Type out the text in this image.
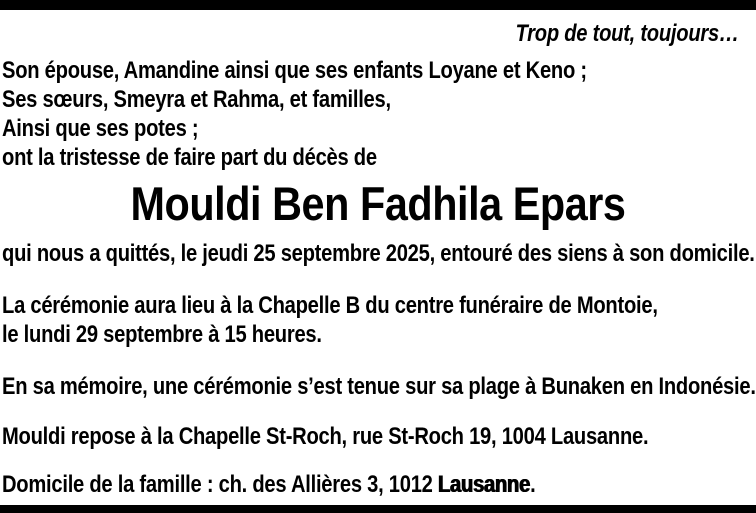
Trop de tout, toujours…
Son épouse, Amandine ainsi que ses enfants Loyane et Keno ;
Ses sœurs, Smeyra et Rahma, et familles,
Ainsi que ses potes ;
ont la tristesse de faire part du décès de
Mouldi Ben Fadhila Epars
qui nous a quittés, le jeudi 25 septembre 2025, entouré des siens à son domicile.
La cérémonie aura lieu à la Chapelle B du centre funéraire de Montoie,
le lundi 29 septembre à 15 heures.
En sa mémoire, une cérémonie s’est tenue sur sa plage à Bunaken en Indonésie.
Mouldi repose à la Chapelle St-Roch, rue St-Roch 19, 1004 Lausanne.
Domicile de la famille : ch. des Allières 3, 1012 Lausanne.
